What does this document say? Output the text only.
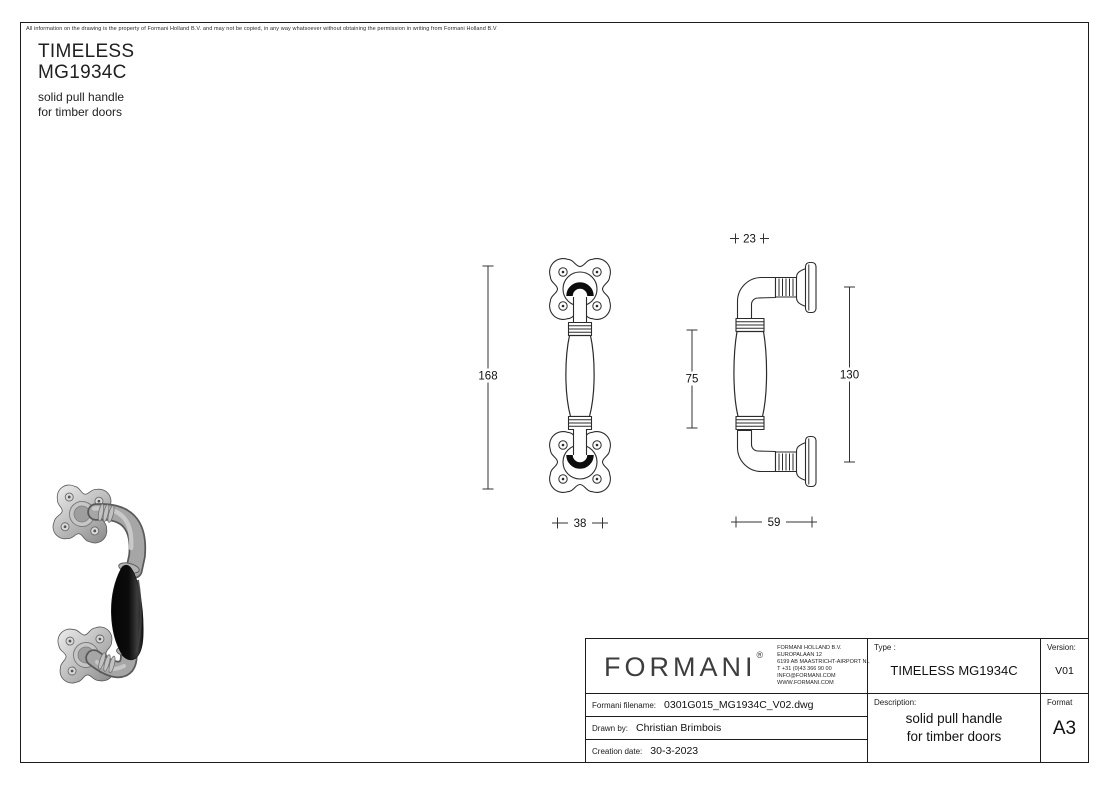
All information on the drawing is the property of Formani Holland B.V. and may not be copied, in any way whatsoever without obtaining the permission in writing from Formani Holland B.V
TIMELESS
MG1934C
solid pull handle
for timber doors
168
38
23
75	130
59
FORMANI®
FORMANI HOLLAND B.V.
EUROPALAAN 12
6199 AB MAASTRICHT-AIRPORT NL
T +31 (0)43 366 90 00
INFO@FORMANI.COM
WWW.FORMANI.COM
Type :
TIMELESS MG1934C
Version:
V01
Formani filename: 0301G015_MG1934C_V02.dwg
Drawn by: Christian Brimbois
Creation date: 30-3-2023
Description:
solid pull handle
for timber doors
Format
A3
